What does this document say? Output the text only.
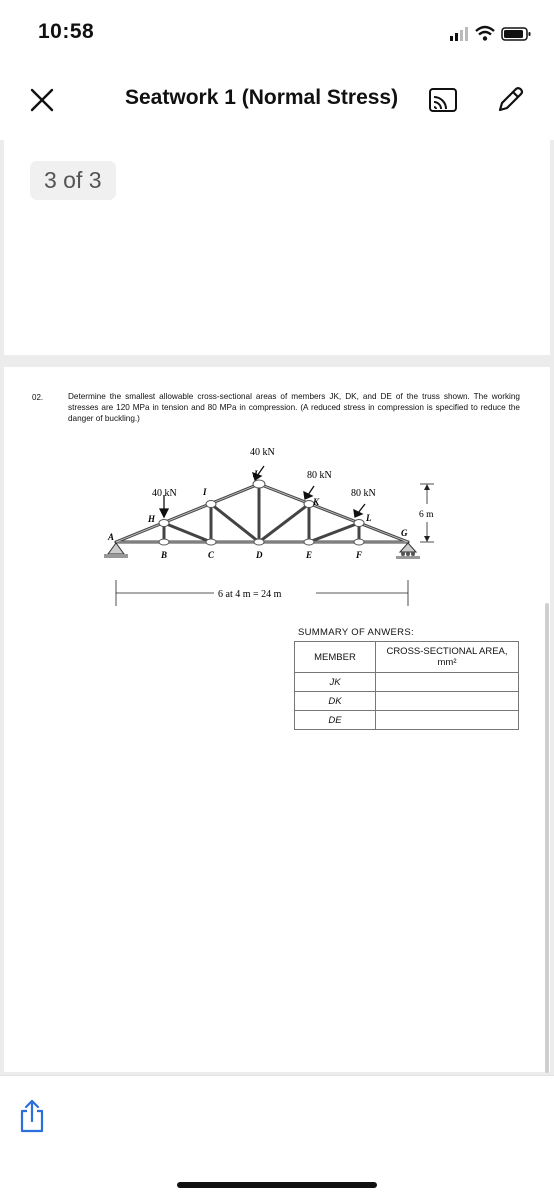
10:58
Seatwork 1 (Normal Stress)
3 of 3
02.	Determine the smallest allowable cross-sectional areas of members JK, DK, and DE of the truss shown. The working stresses are 120 MPa in tension and 80 MPa in compression. (A reduced stress in compression is specified to reduce the danger of buckling.)
40 kN
80 kN
40 kN	80 kN
A
B	C	D	E	F
G
H
I
J
K
L	6 m
6 at 4 m = 24 m
SUMMARY OF ANWERS:
MEMBER	CROSS-SECTIONAL AREA,
mm²
JK	
DK	
DE	
